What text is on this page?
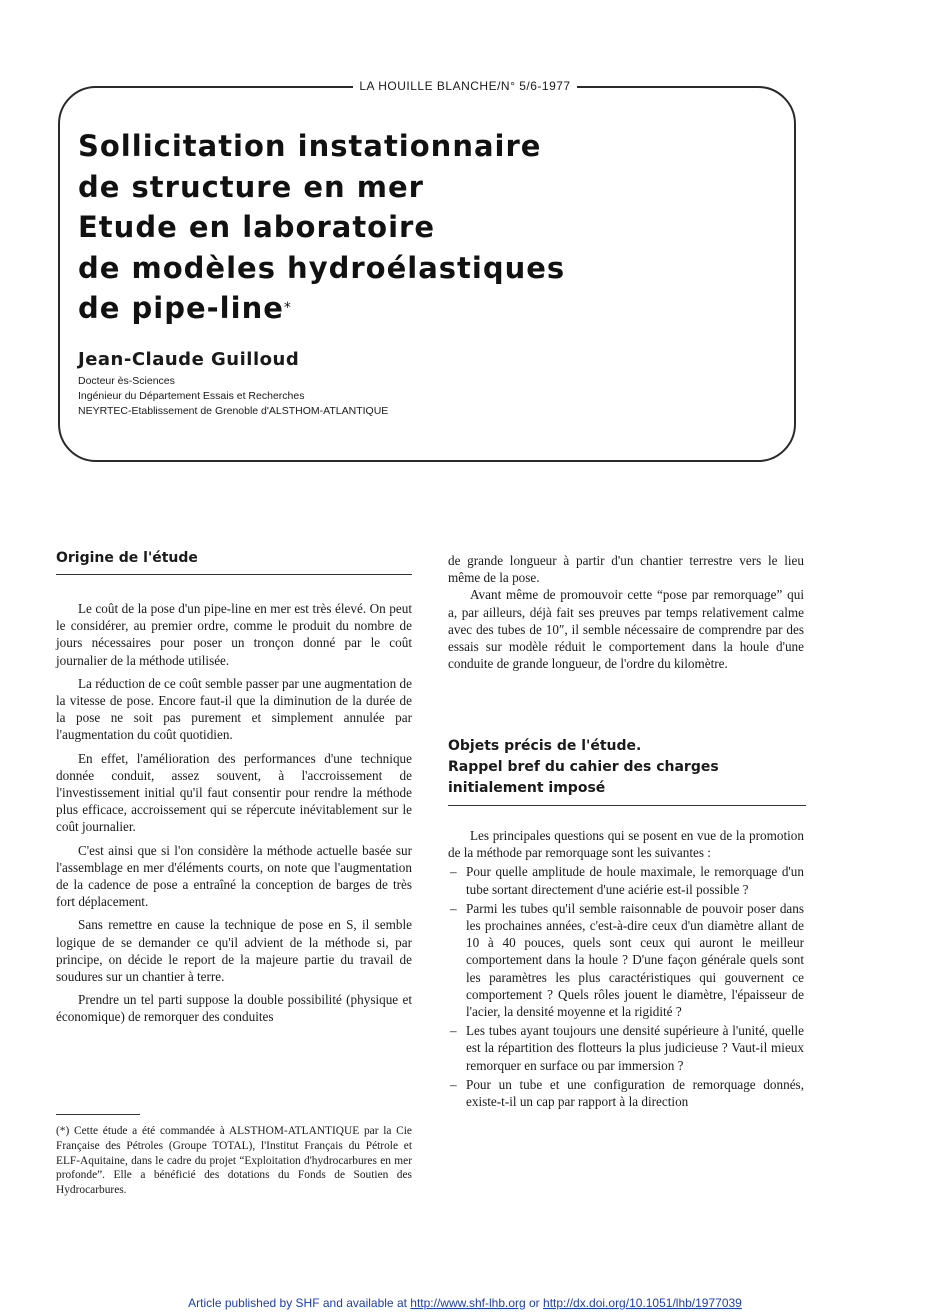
LA HOUILLE BLANCHE/N° 5/6-1977
Sollicitation instationnaire
de structure en mer
Etude en laboratoire
de modèles hydroélastiques
de pipe-line*
Jean-Claude Guilloud
Docteur ès-Sciences
Ingénieur du Département Essais et Recherches
NEYRTEC-Etablissement de Grenoble d'ALSTHOM-ATLANTIQUE
Origine de l'étude

Le coût de la pose d'un pipe-line en mer est très élevé. On peut le considérer, au premier ordre, comme le produit du nombre de jours nécessaires pour poser un tronçon donné par le coût journalier de la méthode utilisée.

La réduction de ce coût semble passer par une augmentation de la vitesse de pose. Encore faut-il que la diminution de la durée de la pose ne soit pas purement et simplement annulée par l'augmentation du coût quotidien.

En effet, l'amélioration des performances d'une technique donnée conduit, assez souvent, à l'accroissement de l'investissement initial qu'il faut consentir pour rendre la méthode plus efficace, accroissement qui se répercute inévitablement sur le coût journalier.

C'est ainsi que si l'on considère la méthode actuelle basée sur l'assemblage en mer d'éléments courts, on note que l'augmentation de la cadence de pose a entraîné la conception de barges de très fort déplacement.

Sans remettre en cause la technique de pose en S, il semble logique de se demander ce qu'il advient de la méthode si, par principe, on décide le report de la majeure partie du travail de soudures sur un chantier à terre.

Prendre un tel parti suppose la double possibilité (physique et économique) de remorquer des conduites

(*) Cette étude a été commandée à ALSTHOM-ATLANTIQUE par la Cie Française des Pétroles (Groupe TOTAL), l'Institut Français du Pétrole et ELF-Aquitaine, dans le cadre du projet “Exploitation d'hydrocarbures en mer profonde”. Elle a bénéficié des dotations du Fonds de Soutien des Hydrocarbures.

de grande longueur à partir d'un chantier terrestre vers le lieu même de la pose.

Avant même de promouvoir cette “pose par remorquage” qui a, par ailleurs, déjà fait ses preuves par temps relativement calme avec des tubes de 10″, il semble nécessaire de comprendre par des essais sur modèle réduit le comportement dans la houle d'une conduite de grande longueur, de l'ordre du kilomètre.

Objets précis de l'étude.
Rappel bref du cahier des charges
initialement imposé

Les principales questions qui se posent en vue de la promotion de la méthode par remorquage sont les suivantes :

– Pour quelle amplitude de houle maximale, le remorquage d'un tube sortant directement d'une aciérie est-il possible ?
– Parmi les tubes qu'il semble raisonnable de pouvoir poser dans les prochaines années, c'est-à-dire ceux d'un diamètre allant de 10 à 40 pouces, quels sont ceux qui auront le meilleur comportement dans la houle ? D'une façon générale quels sont les paramètres les plus caractéristiques qui gouvernent ce comportement ? Quels rôles jouent le diamètre, l'épaisseur de l'acier, la densité moyenne et la rigidité ?
– Les tubes ayant toujours une densité supérieure à l'unité, quelle est la répartition des flotteurs la plus judicieuse ? Vaut-il mieux remorquer en surface ou par immersion ?
– Pour un tube et une configuration de remorquage donnés, existe-t-il un cap par rapport à la direction
Article published by SHF and available at http://www.shf-lhb.org or http://dx.doi.org/10.1051/lhb/1977039
